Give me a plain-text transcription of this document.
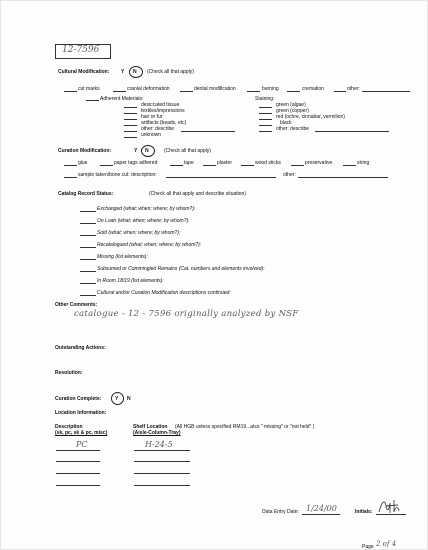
12-7596
Cultural Modification: Y N (Check all that apply)
cut marks	cranial deformation	dental modification	burning	cremation	other:
Adherent Materials:	Staining:
desiccated tissue
textiles/impressions
hair or fur
artifacts (beads, etc)
other: describe
unknown
green (algae)
green (copper)
red (ochre, cinnabar, vermilion)
black
other: describe
Curation Modification:	Y N	(Check all that apply)
glue	paper tags adhered	tape	plaster	wood sticks	preservative	string
sample taken/bone cut: description:	other:
Catalog Record Status:	(Check all that apply and describe situation)
Exchanged (what; when; where; by whom?):
On Loan (what; when; where; by whom?):
Sold (what; when; where; by whom?):
Recatalogued (what; when; where; by whom?):
Missing (list elements):
Subsumed or Commingled Remains (Cat. numbers and elements involved):
In Room 18/19 (list elements):
Cultural and/or Curation Modification descriptions continued:
Other Comments:
catalogue - 12 - 7596 originally analyzed by NSF
Outstanding Actions:
Resolution:
Curation Complete:	Y N
Location Information:
Description
(sk, pc, sk & pc, misc)
Shelf Location (All HGB unless specified RM19...also " missing" or "not held" )
(Aisle-Column-Tray)
PC	H-24-5
Data Entry Date: 1/24/00	Initials:
Page 2 of 4
